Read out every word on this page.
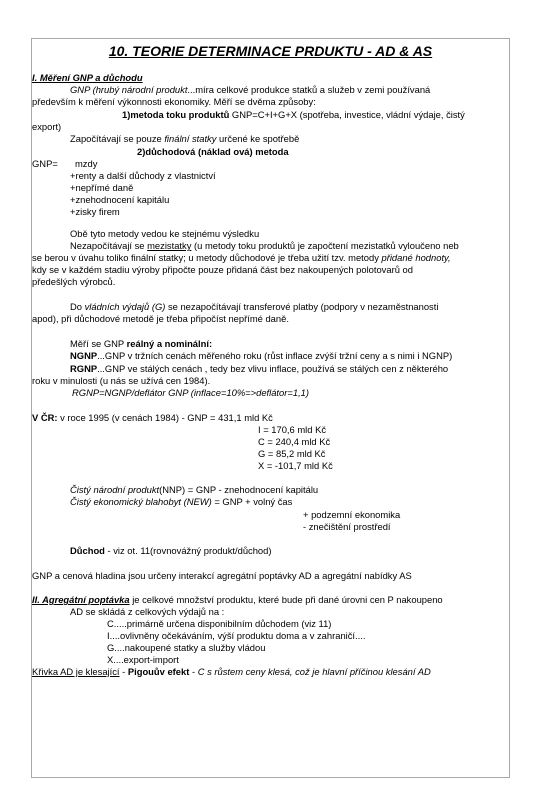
10. TEORIE DETERMINACE PRDUKTU - AD & AS
I. Měření GNP a důchodu
GNP (hrubý národní produkt...míra celkové produkce statků a služeb v zemi používaná
především k měření výkonnosti ekonomiky. Měří se dvěma způsoby:
1)metoda toku produktů GNP=C+I+G+X (spotřeba, investice, vládní výdaje, čistý
export)
Započítávají se pouze finální statky určené ke spotřebě
2)důchodová (náklad ová) metoda
GNP= mzdy
+renty a další důchody z vlastnictví
+nepřímé daně
+znehodnocení kapitálu
+zisky firem
Obě tyto metody vedou ke stejnému výsledku
Nezapočítávají se mezistatky (u metody toku produktů je započtení mezistatků vyloučeno neb
se berou v úvahu toliko finální statky; u metody důchodové je třeba užití tzv. metody přidané hodnoty,
kdy se v každém stadiu výroby připočte pouze přidaná část bez nakoupených polotovarů od
předešlých výrobců.
Do vládních výdajů (G) se nezapočítávají transferové platby (podpory v nezaměstnanosti
apod), při důchodové metodě je třeba připočíst nepřímé daně.
Měří se GNP reálný a nominální:
NGNP...GNP v tržních cenách měřeného roku (růst inflace zvýší tržní ceny a s nimi i NGNP)
RGNP...GNP ve stálých cenách , tedy bez vlivu inflace, používá se stálých cen z některého
roku v minulosti (u nás se užívá cen 1984).
RGNP=NGNP/deflátor GNP (inflace=10%=>deflátor=1,1)
V ČR: v roce 1995 (v cenách 1984) - GNP = 431,1 mld Kč
I = 170,6 mld Kč
C = 240,4 mld Kč
G = 85,2 mld Kč
X = -101,7 mld Kč
Čistý národní produkt(NNP) = GNP - znehodnocení kapitálu
Čistý ekonomický blahobyt (NEW) = GNP + volný čas
+ podzemní ekonomika
- znečištění prostředí
Důchod - viz ot. 11(rovnovážný produkt/důchod)
GNP a cenová hladina jsou určeny interakcí agregátní poptávky AD a agregátní nabídky AS
II. Agregátní poptávka je celkové množství produktu, které bude při dané úrovni cen P nakoupeno
AD se skládá z celkových výdajů na :
C.....primárně určena disponibilním důchodem (viz 11)
I....ovlivněny očekáváním, výší produktu doma a v zahraničí....
G....nakoupené statky a služby vládou
X....export-import
Křivka AD je klesající - Pigouův efekt - C s růstem ceny klesá, což je hlavní příčinou klesání AD
